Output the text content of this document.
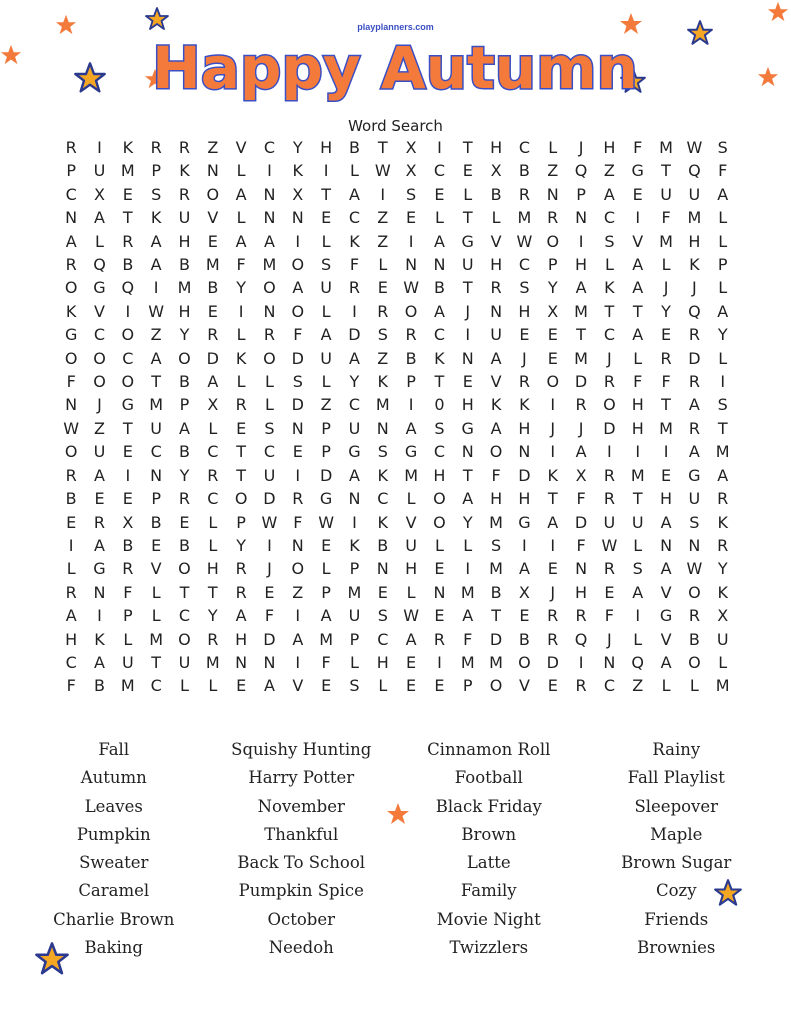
playplanners.com
Happy Autumn
Word Search
R	I	K	R	R	Z	V	C	Y	H	B	T	X	I	T	H	C	L	J	H	F	M W S
P	U M	P	K	N	L	I	K	I	L W X	C	E	X	B	Z	Q	Z	G	T	Q	F
C	X	E	S	R	O	A	N	X	T	A	I	S	E	L	B	R	N	P	A	E	U	U	A
N	A	T	K	U	V	L	N	N	E	C	Z	E	L	T	L	M R	N	C	I	F	M	L
A	L	R	A	H	E	A	A	I	L	K	Z	I	A	G	V W O	I	S	V M H	L
R	Q	B	A	B M	F	M O	S	F	L	N	N	U	H	C	P	H	L	A	L	K	P
O G Q	I	M B	Y	O	A	U	R	E W B	T	R	S	Y	A	K	A	J	J	L
K	V	I	W H	E	I	N	O	L	I	R	O	A	J	N	H	X M	T	T	Y	Q	A
G	C	O	Z	Y	R	L	R	F	A	D	S	R	C	I	U	E	E	T	C	A	E	R	Y
O O	C	A	O D	K	O D	U	A	Z	B	K	N	A	J	E	M	J	L	R	D	L
F	O O	T	B	A	L	L	S	L	Y	K	P	T	E	V	R	O D	R	F	F	R	I
N	J	G M	P	X	R	L	D	Z	C M	I	0	H	K	K	I	R	O	H	T	A	S
W Z	T	U	A	L	E	S	N	P	U	N	A	S	G	A	H	J	J	D	H M R	T
O	U	E	C	B	C	T	C	E	P	G	S	G	C	N	O	N	I	A	I	I	I	A M
R	A	I	N	Y	R	T	U	I	D	A	K	M H	T	F	D	K	X	R M	E	G	A
B	E	E	P	R	C	O D	R	G	N	C	L	O	A	H	H	T	F	R	T	H	U	R
E	R	X	B	E	L	P W F W	I	K	V	O	Y	M G	A	D	U	U	A	S	K
I	A	B	E	B	L	Y	I	N	E	K	B	U	L	L	S	I	I	F W L	N	N	R
L	G	R	V	O	H	R	J	O	L	P	N	H	E	I	M A	E	N	R	S	A W Y
R	N	F	L	T	T	R	E	Z	P	M	E	L	N M B	X	J	H	E	A	V	O	K
A	I	P	L	C	Y	A	F	I	A	U	S W E	A	T	E	R	R	F	I	G	R	X
H	K	L	M O	R	H	D	A M	P	C	A	R	F	D	B	R	Q	J	L	V	B	U
C	A	U	T	U M N	N	I	F	L	H	E	I	M M O D	I	N	Q	A	O	L
F	B M C	L	L	E	A	V	E	S	L	E	E	P	O	V	E	R	C	Z	L	L	M
Fall
Autumn
Leaves
Pumpkin
Sweater
Caramel
Charlie Brown
Baking
Squishy Hunting
Harry Potter
November
Thankful
Back To School
Pumpkin Spice
October
Needoh
Cinnamon Roll
Football
Black Friday
Brown
Latte
Family
Movie Night
Twizzlers
Rainy
Fall Playlist
Sleepover
Maple
Brown Sugar
Cozy
Friends
Brownies
